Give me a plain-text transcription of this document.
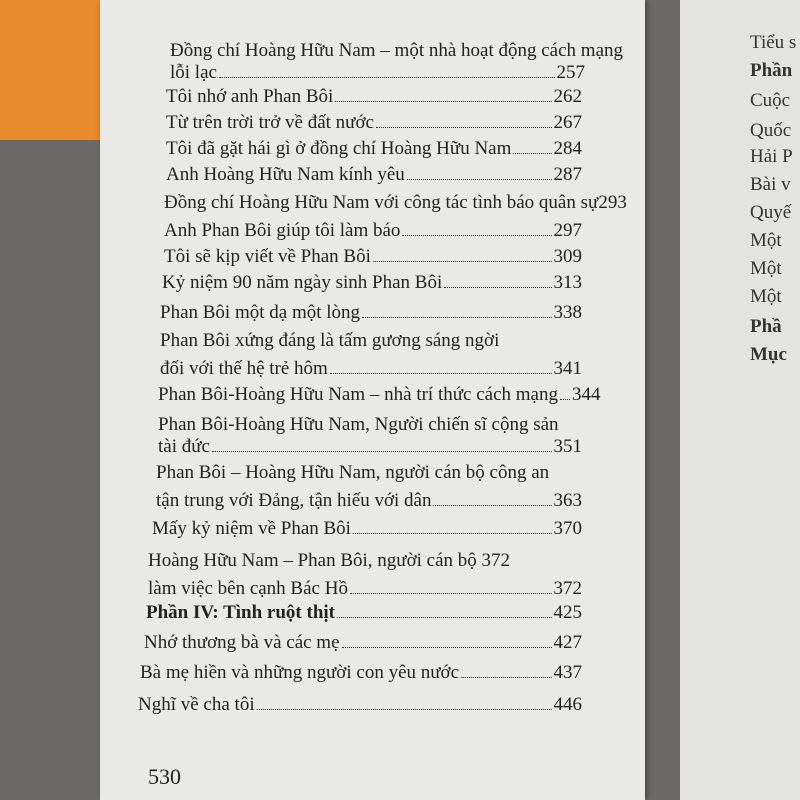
Đồng chí Hoàng Hữu Nam – một nhà hoạt động cách mạng
lỗi lạc	257
Tôi nhớ anh Phan Bôi	262
Từ trên trời trở về đất nước	267
Tôi đã gặt hái gì ở đồng chí Hoàng Hữu Nam 284
Anh Hoàng Hữu Nam kính yêu	287
Đồng chí Hoàng Hữu Nam với công tác tình báo quân sự 293
Anh Phan Bôi giúp tôi làm báo	297
Tôi sẽ kịp viết về Phan Bôi	309
Kỷ niệm 90 năm ngày sinh Phan Bôi	313
Phan Bôi một dạ một lòng	338
Phan Bôi xứng đáng là tấm gương sáng ngời
đối với thế hệ trẻ hôm	341
Phan Bôi-Hoàng Hữu Nam – nhà trí thức cách mạng 344
Phan Bôi-Hoàng Hữu Nam, Người chiến sĩ cộng sản
tài đức	351
Phan Bôi – Hoàng Hữu Nam, người cán bộ công an
tận trung với Đảng, tận hiếu với dân	363
Mấy kỷ niệm về Phan Bôi	370
Hoàng Hữu Nam – Phan Bôi, người cán bộ 372
làm việc bên cạnh Bác Hồ	372
Phần IV: Tình ruột thịt	425
Nhớ thương bà và các mẹ	427
Bà mẹ hiền và những người con yêu nước	437
Nghĩ về cha tôi	446
530
Tiểu s
Phần
Cuộc
Quốc
Hải P
Bài v
Quyế
Một
Một
Một
Phầ
Mục
